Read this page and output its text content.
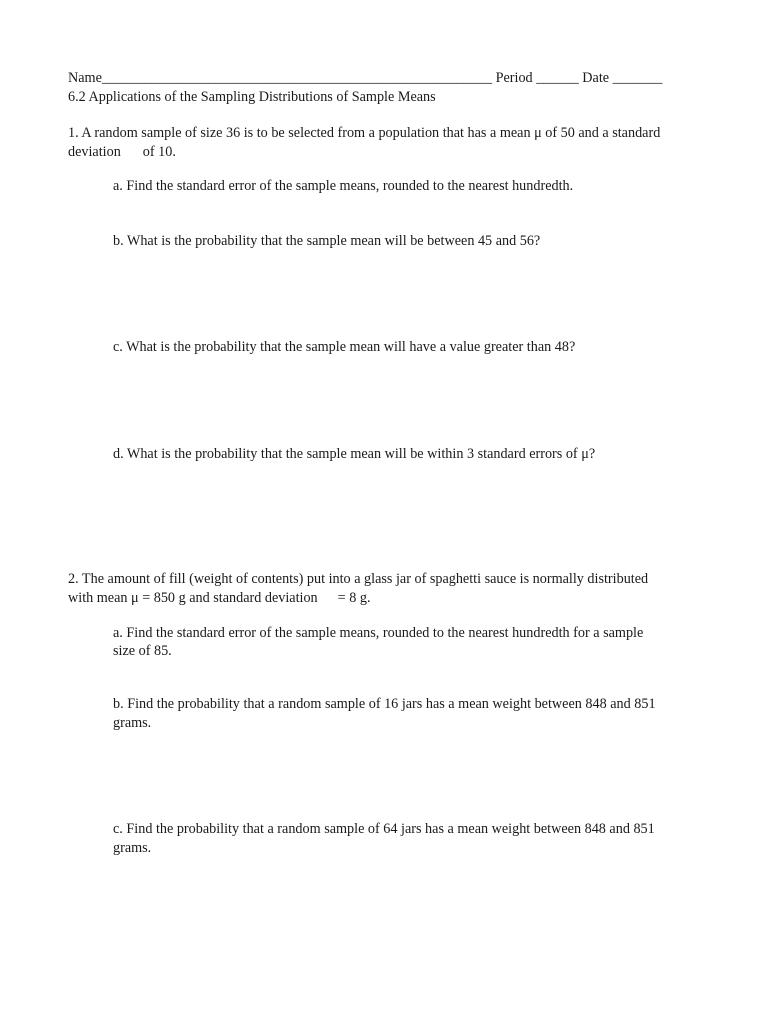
Name_______________________________________________________ Period ______ Date _______
6.2 Applications of the Sampling Distributions of Sample Means
1. A random sample of size 36 is to be selected from a population that has a mean μ of 50 and a standard
deviation of 10.
a. Find the standard error of the sample means, rounded to the nearest hundredth.
b. What is the probability that the sample mean will be between 45 and 56?
c. What is the probability that the sample mean will have a value greater than 48?
d. What is the probability that the sample mean will be within 3 standard errors of μ?
2. The amount of fill (weight of contents) put into a glass jar of spaghetti sauce is normally distributed
with mean μ = 850 g and standard deviation = 8 g.
a. Find the standard error of the sample means, rounded to the nearest hundredth for a sample
size of 85.
b. Find the probability that a random sample of 16 jars has a mean weight between 848 and 851
grams.
c. Find the probability that a random sample of 64 jars has a mean weight between 848 and 851
grams.
